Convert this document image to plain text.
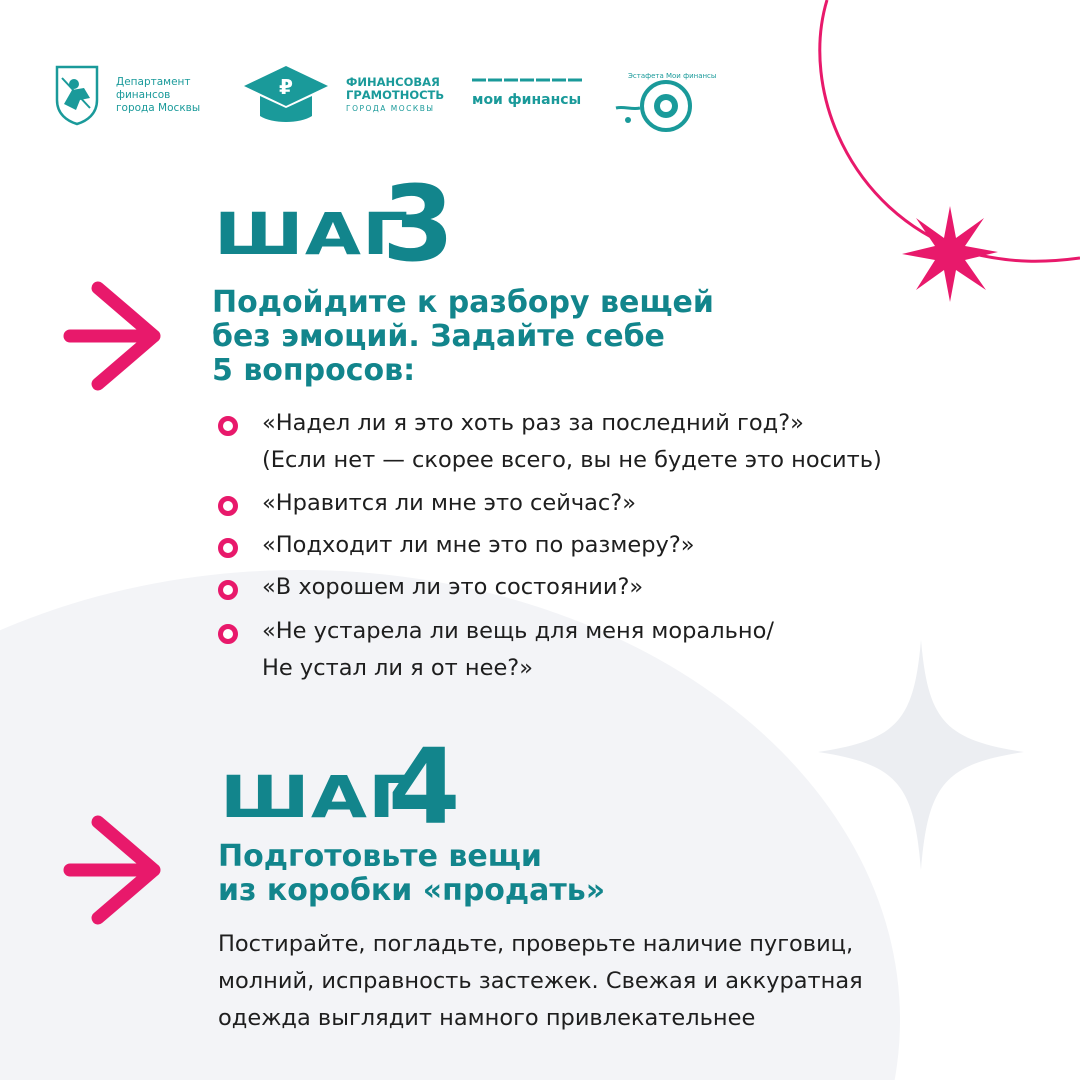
Департамент
финансов
города Москвы
₽	ФИНАНСОВАЯ
ГРАМОТНОСТЬ
ГОРОДА МОСКВЫ
мои финансы
Эстафета Мои финансы
ШАГ
3
Подойдите к разбору вещей
без эмоций. Задайте себе
5 вопросов:
«Надел ли я это хоть раз за последний год?»
(Если нет — скорее всего, вы не будете это носить)
«Нравится ли мне это сейчас?»
«Подходит ли мне это по размеру?»
«В хорошем ли это состоянии?»
«Не устарела ли вещь для меня морально/
Не устал ли я от нее?»
ШАГ
4
Подготовьте вещи
из коробки «продать»
Постирайте, погладьте, проверьте наличие пуговиц,
молний, исправность застежек. Свежая и аккуратная
одежда выглядит намного привлекательнее
